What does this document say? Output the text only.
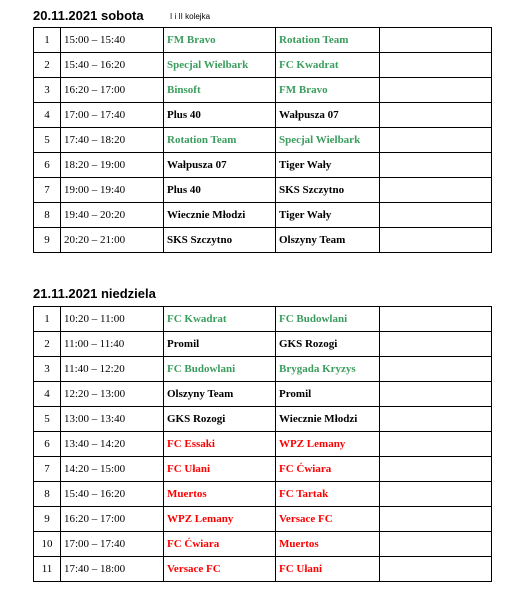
20.11.2021 sobota	I i II kolejka
1	15:00 – 15:40	FM Bravo	Rotation Team	
2	15:40 – 16:20	Specjal Wielbark	FC Kwadrat	
3	16:20 – 17:00	Binsoft	FM Bravo	
4	17:00 – 17:40	Plus 40	Wałpusza 07	
5	17:40 – 18:20	Rotation Team	Specjal Wielbark	
6	18:20 – 19:00	Wałpusza 07	Tiger Wały	
7	19:00 – 19:40	Plus 40	SKS Szczytno	
8	19:40 – 20:20	Wiecznie Młodzi	Tiger Wały	
9	20:20 – 21:00	SKS Szczytno	Olszyny Team	
21.11.2021 niedziela
1	10:20 – 11:00	FC Kwadrat	FC Budowlani	
2	11:00 – 11:40	Promil	GKS Rozogi	
3	11:40 – 12:20	FC Budowlani	Brygada Kryzys	
4	12:20 – 13:00	Olszyny Team	Promil	
5	13:00 – 13:40	GKS Rozogi	Wiecznie Młodzi	
6	13:40 – 14:20	FC Essaki	WPZ Lemany	
7	14:20 – 15:00	FC Ułani	FC Ćwiara	
8	15:40 – 16:20	Muertos	FC Tartak	
9	16:20 – 17:00	WPZ Lemany	Versace FC	
10	17:00 – 17:40	FC Ćwiara	Muertos	
11	17:40 – 18:00	Versace FC	FC Ułani	
